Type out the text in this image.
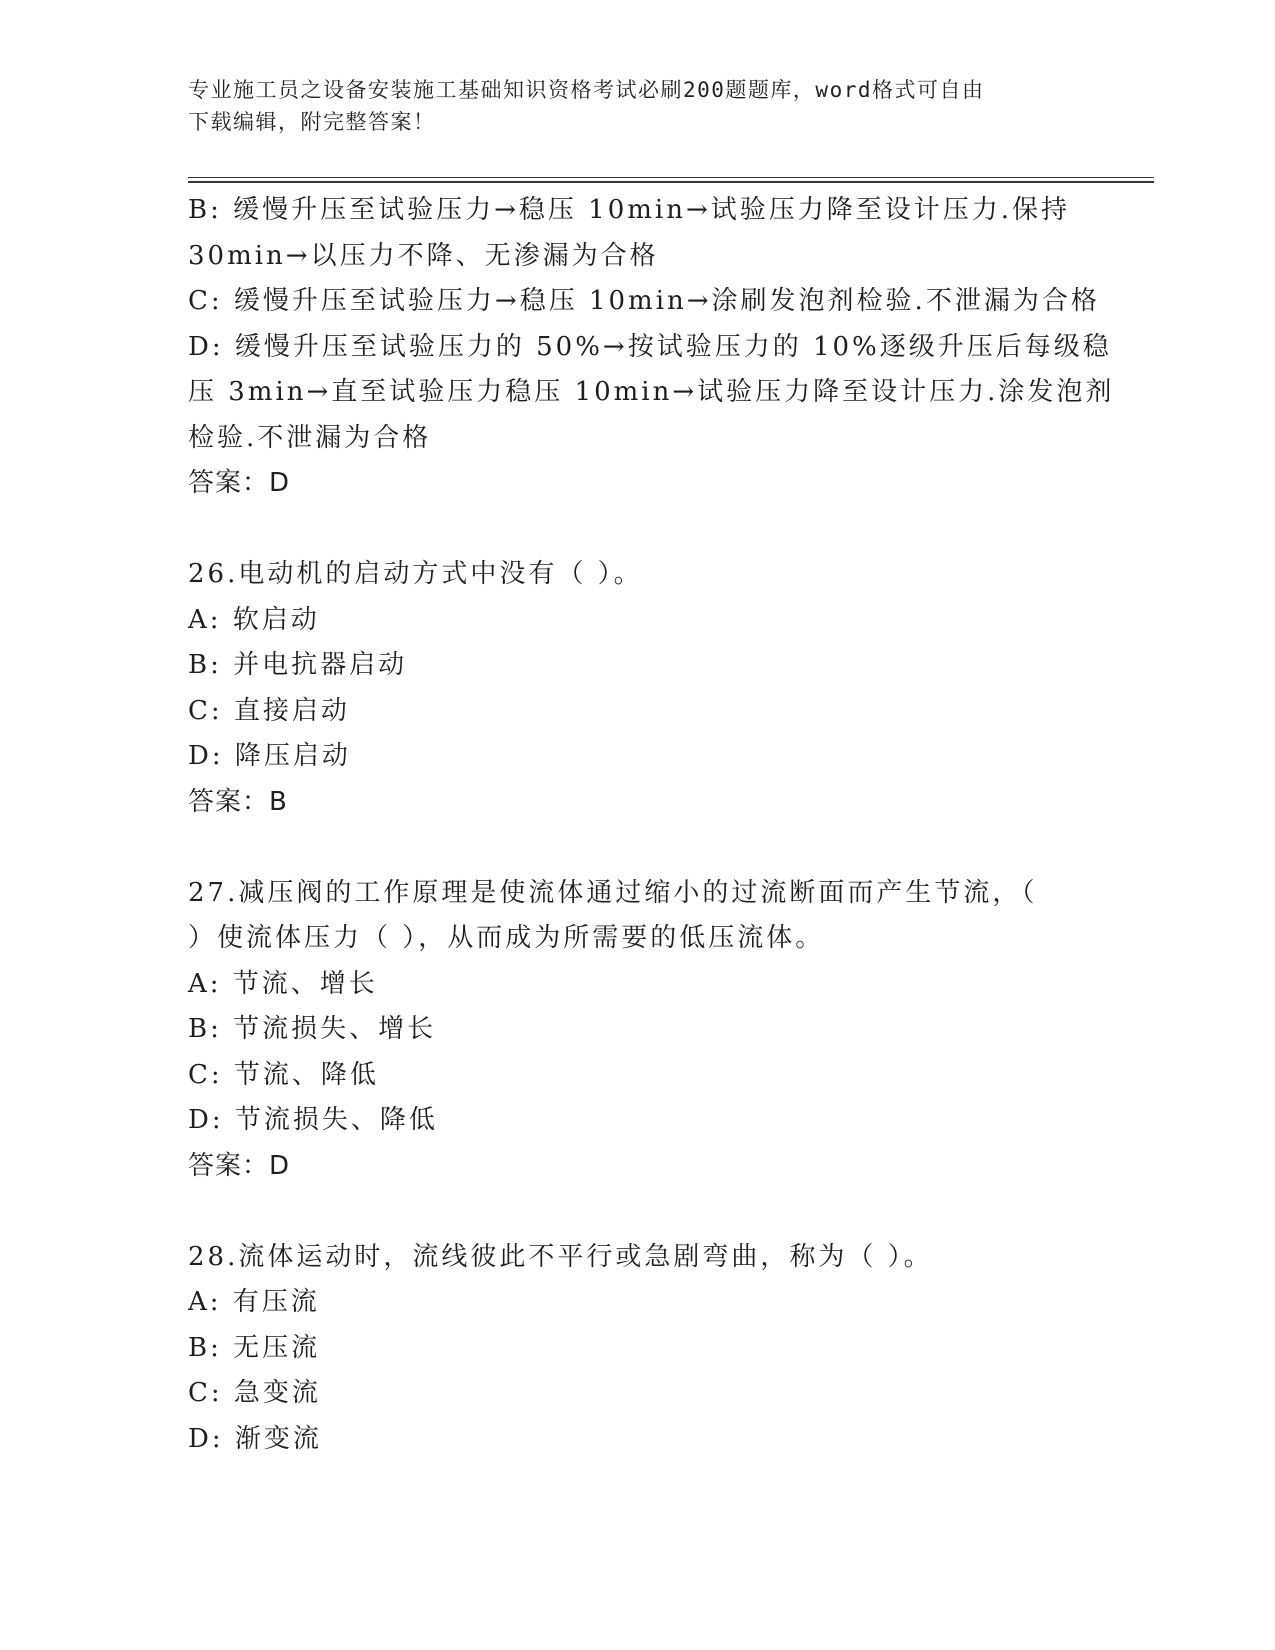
专业施工员之设备安装施工基础知识资格考试必刷200题题库，word格式可自由
下载编辑，附完整答案！
B: 缓慢升压至试验压力→稳压 10min→试验压力降至设计压力.保持
30min→以压力不降、无渗漏为合格
C: 缓慢升压至试验压力→稳压 10min→涂刷发泡剂检验.不泄漏为合格
D: 缓慢升压至试验压力的 50%→按试验压力的 10%逐级升压后每级稳
压 3min→直至试验压力稳压 10min→试验压力降至设计压力.涂发泡剂
检验.不泄漏为合格
答案：D
26.电动机的启动方式中没有（ ）。
A: 软启动
B: 并电抗器启动
C: 直接启动
D: 降压启动
答案：B
27.减压阀的工作原理是使流体通过缩小的过流断面而产生节流，（
）使流体压力（ ），从而成为所需要的低压流体。
A: 节流、增长
B: 节流损失、增长
C: 节流、降低
D: 节流损失、降低
答案：D
28.流体运动时，流线彼此不平行或急剧弯曲，称为（ ）。
A: 有压流
B: 无压流
C: 急变流
D: 渐变流
